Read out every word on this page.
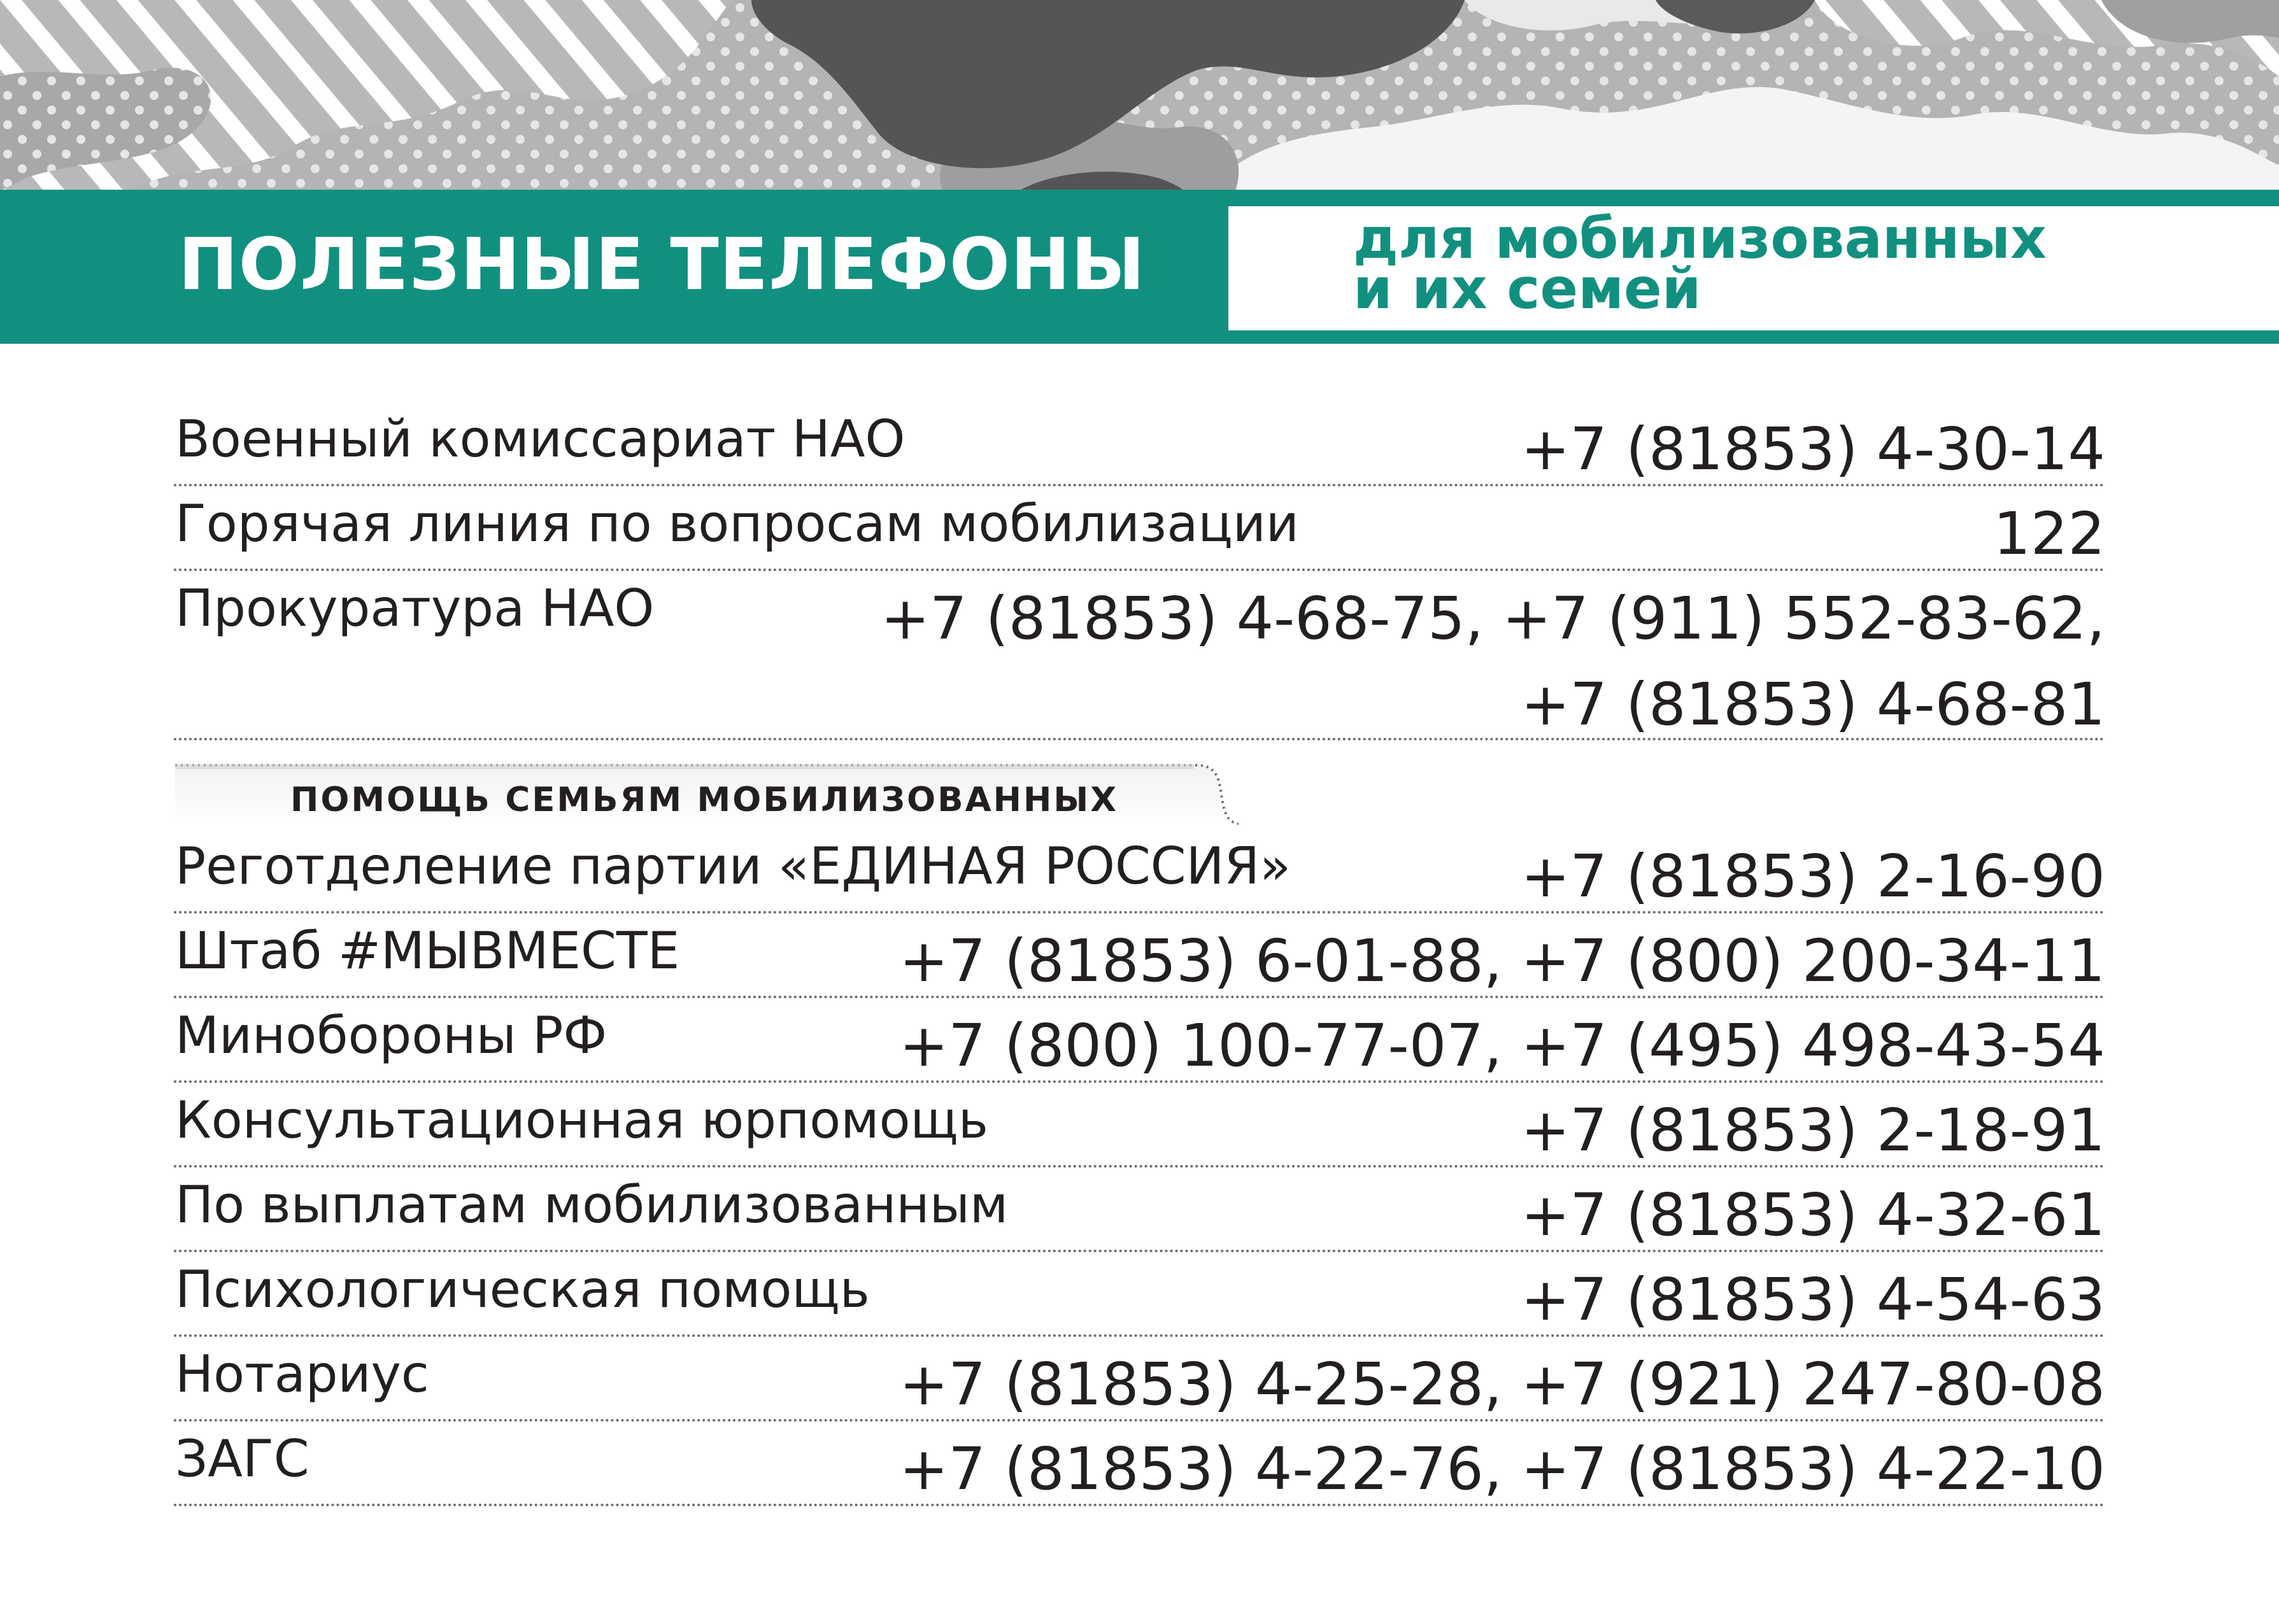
ПОЛЕЗНЫЕ ТЕЛЕФОНЫ	для мобилизованных
и их семей
Военный комиссариат НАО	+7 (81853) 4-30-14
Горячая линия по вопросам мобилизации	122
Прокуратура НАО	+7 (81853) 4-68-75, +7 (911) 552-83-62,
+7 (81853) 4-68-81
ПОМОЩЬ СЕМЬЯМ МОБИЛИЗОВАННЫХ
Реготделение партии «ЕДИНАЯ РОССИЯ»	+7 (81853) 2-16-90
Штаб #МЫВМЕСТЕ	+7 (81853) 6-01-88, +7 (800) 200-34-11
Минобороны РФ	+7 (800) 100-77-07, +7 (495) 498-43-54
Консультационная юрпомощь	+7 (81853) 2-18-91
По выплатам мобилизованным	+7 (81853) 4-32-61
Психологическая помощь	+7 (81853) 4-54-63
Нотариус	+7 (81853) 4-25-28, +7 (921) 247-80-08
ЗАГС	+7 (81853) 4-22-76, +7 (81853) 4-22-10
